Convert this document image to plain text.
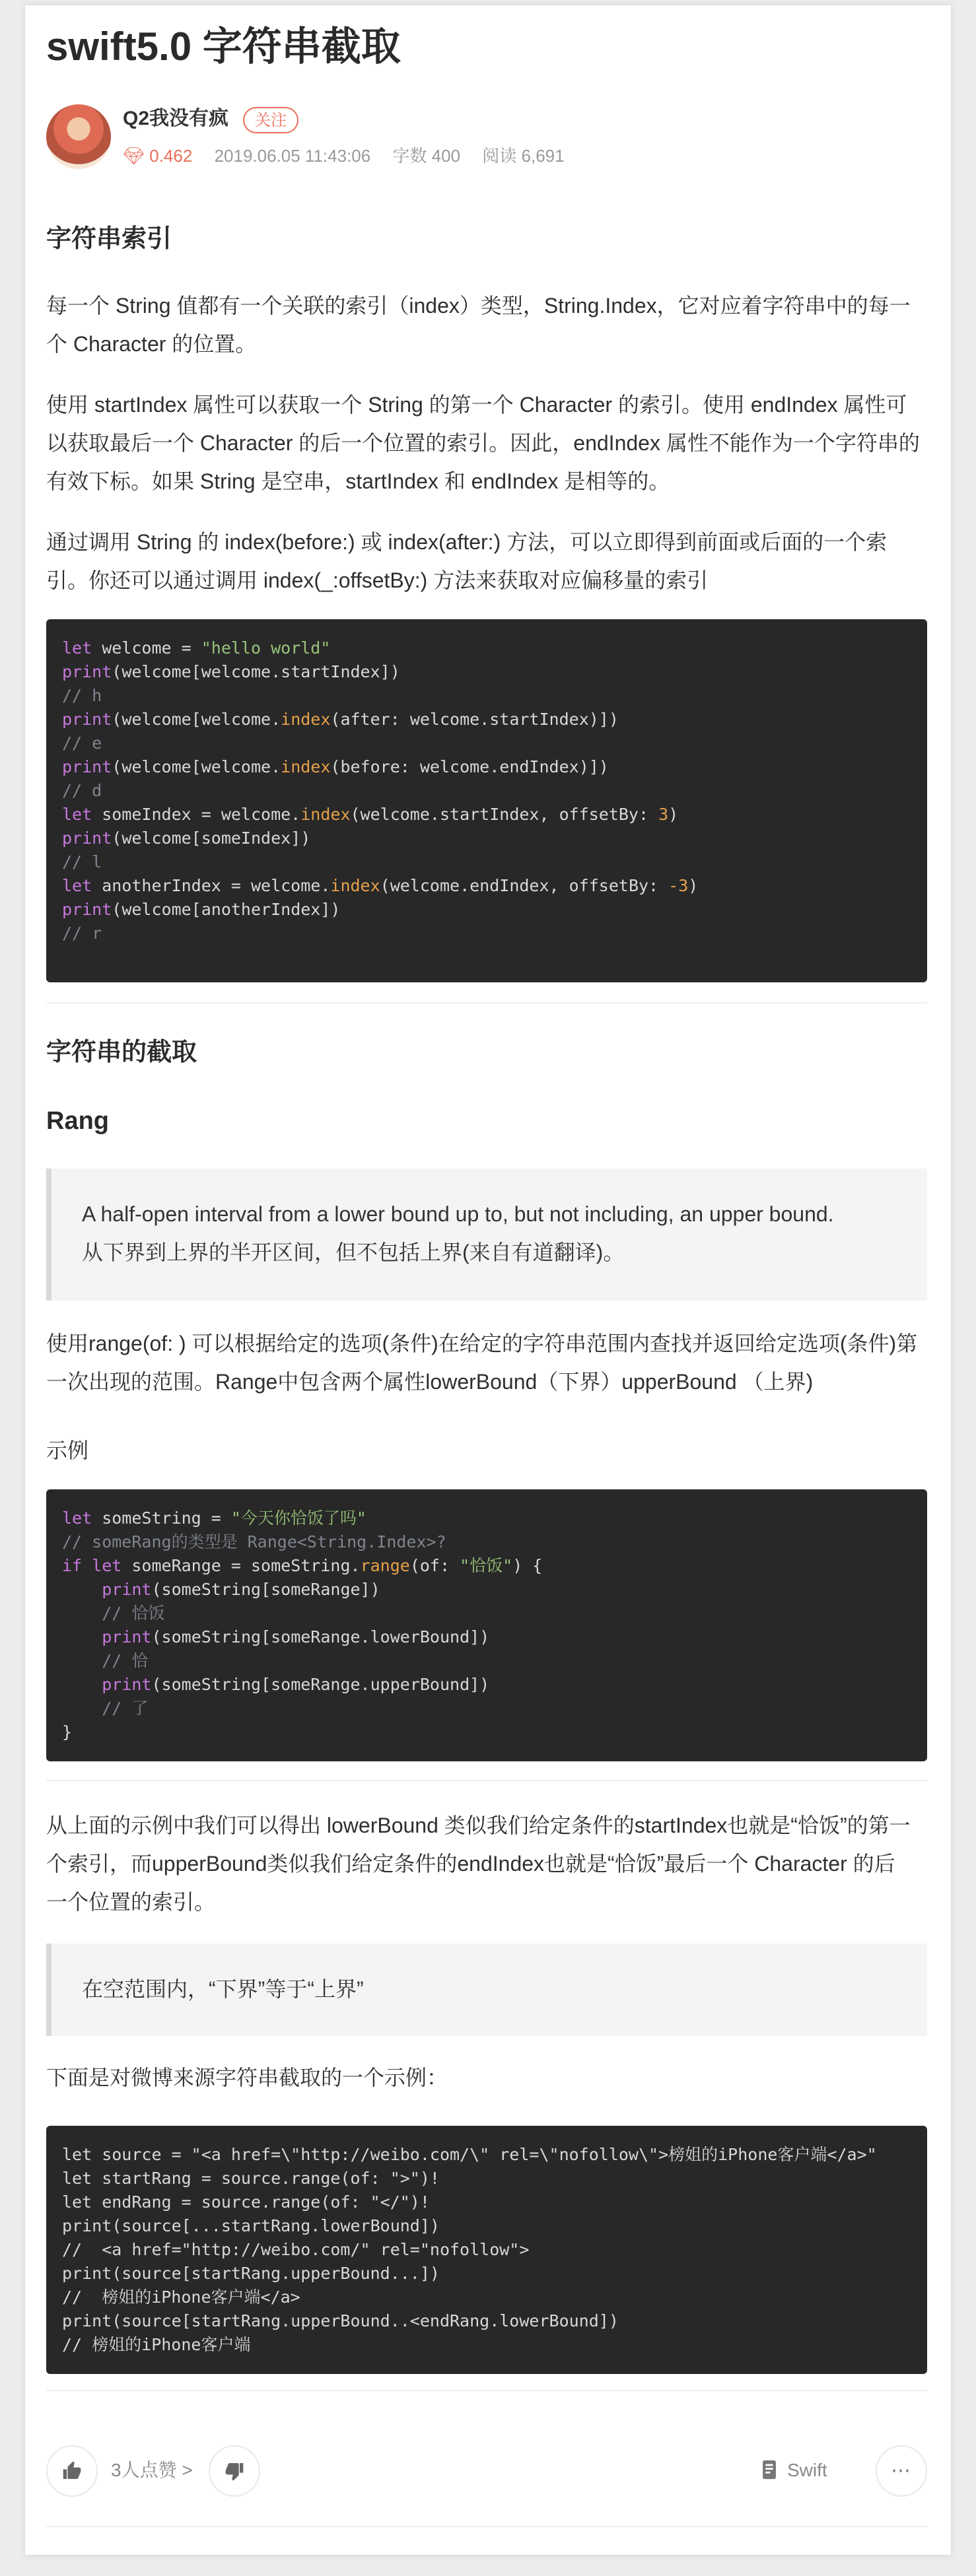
swift5.0 字符串截取
Q2我没有疯	关注
💎︎ 0.462 2019.06.05 11:43:06 字数 400 阅读 6,691
字符串索引
每一个 String 值都有一个关联的索引（index）类型，String.Index，它对应着字符串中的每一
个 Character 的位置。
使用 startIndex 属性可以获取一个 String 的第一个 Character 的索引。使用 endIndex 属性可
以获取最后一个 Character 的后一个位置的索引。因此，endIndex 属性不能作为一个字符串的
有效下标。如果 String 是空串，startIndex 和 endIndex 是相等的。
通过调用 String 的 index(before:) 或 index(after:) 方法，可以立即得到前面或后面的一个索
引。你还可以通过调用 index(_:offsetBy:) 方法来获取对应偏移量的索引
let welcome = "hello world"
print(welcome[welcome.startIndex])
// h
print(welcome[welcome.index(after: welcome.startIndex)])
// e
print(welcome[welcome.index(before: welcome.endIndex)])
// d
let someIndex = welcome.index(welcome.startIndex, offsetBy: 3)
print(welcome[someIndex])
// l
let anotherIndex = welcome.index(welcome.endIndex, offsetBy: -3)
print(welcome[anotherIndex])
// r
字符串的截取
Rang
A half-open interval from a lower bound up to, but not including, an upper bound.
从下界到上界的半开区间，但不包括上界(来自有道翻译)。
使用range(of: ) 可以根据给定的选项(条件)在给定的字符串范围内查找并返回给定选项(条件)第
一次出现的范围。Range中包含两个属性lowerBound（下界）upperBound （上界)
示例
let someString = "今天你恰饭了吗"
// someRang的类型是 Range<String.Index>?
if let someRange = someString.range(of: "恰饭") {
print(someString[someRange])
// 恰饭
print(someString[someRange.lowerBound])
// 恰
print(someString[someRange.upperBound])
// 了
}
从上面的示例中我们可以得出 lowerBound 类似我们给定条件的startIndex也就是“恰饭”的第一
个索引，而upperBound类似我们给定条件的endIndex也就是“恰饭”最后一个 Character 的后
一个位置的索引。
在空范围内，“下界”等于“上界”
下面是对微博来源字符串截取的一个示例：
let source = "<a href=\"http://weibo.com/\" rel=\"nofollow\">榜姐的iPhone客户端</a>"
let startRang = source.range(of: ">")!
let endRang = source.range(of: "</")!
print(source[...startRang.lowerBound])
//  <a href="http://weibo.com/" rel="nofollow">
print(source[startRang.upperBound...])
//  榜姐的iPhone客户端</a>
print(source[startRang.upperBound..<endRang.lowerBound])
// 榜姐的iPhone客户端
3人点赞 >	Swift	⋯
